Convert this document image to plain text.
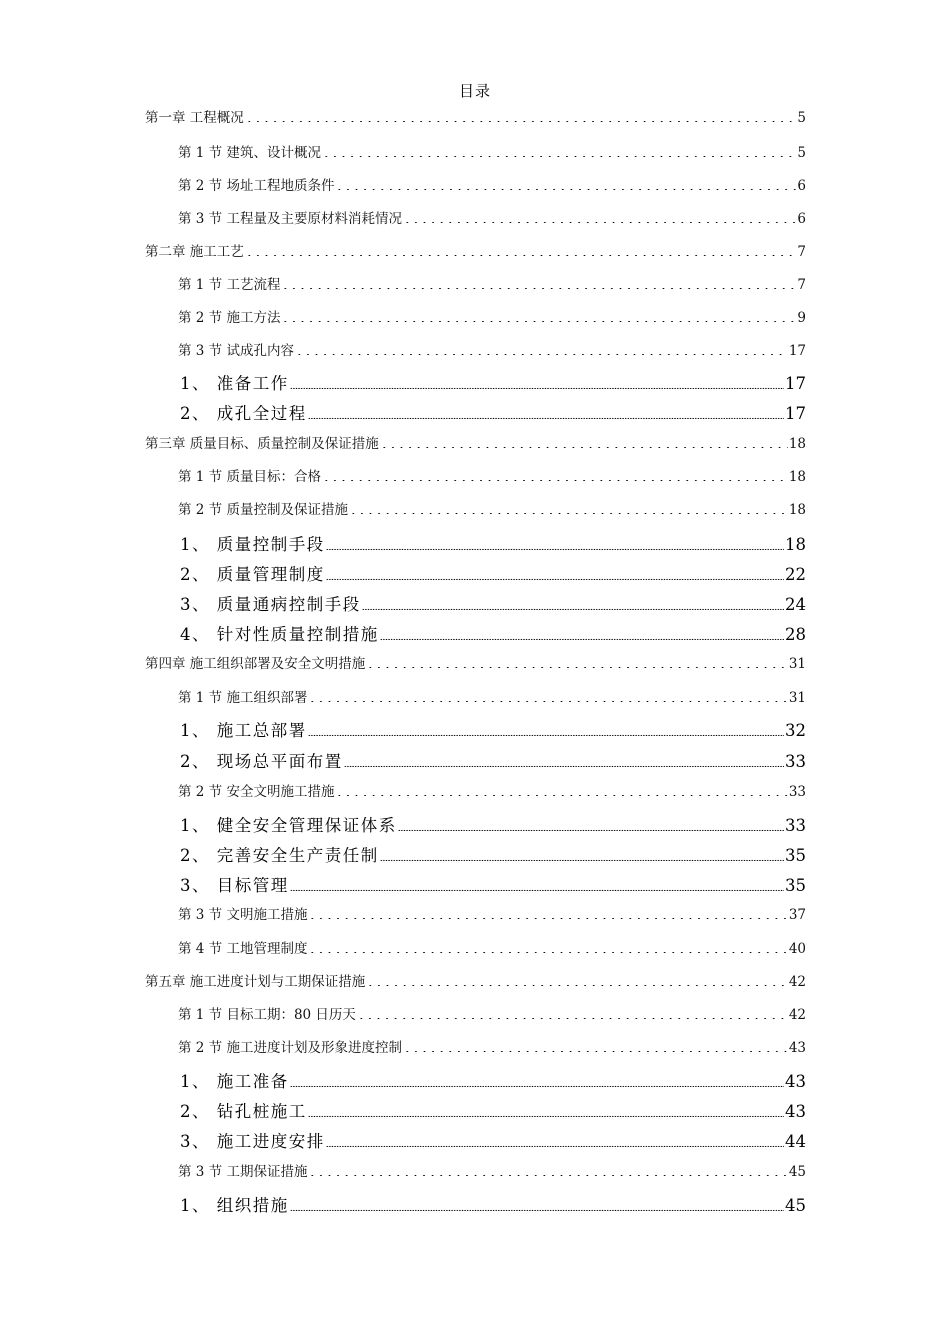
目录
第一章 工程概况	5
第 1 节 建筑、设计概况	5
第 2 节 场址工程地质条件	6
第 3 节 工程量及主要原材料消耗情况	6
第二章 施工工艺	7
第 1 节 工艺流程	7
第 2 节 施工方法	9
第 3 节 试成孔内容	17
1、 准备工作	17
2、 成孔全过程	17
第三章 质量目标、质量控制及保证措施	18
第 1 节 质量目标：合格	18
第 2 节 质量控制及保证措施	18
1、 质量控制手段	18
2、 质量管理制度	22
3、 质量通病控制手段	24
4、 针对性质量控制措施	28
第四章 施工组织部署及安全文明措施	31
第 1 节 施工组织部署	31
1、 施工总部署	32
2、 现场总平面布置	33
第 2 节 安全文明施工措施	33
1、 健全安全管理保证体系	33
2、 完善安全生产责任制	35
3、 目标管理	35
第 3 节 文明施工措施	37
第 4 节 工地管理制度	40
第五章 施工进度计划与工期保证措施	42
第 1 节 目标工期：80 日历天	42
第 2 节 施工进度计划及形象进度控制	43
1、 施工准备	43
2、 钻孔桩施工	43
3、 施工进度安排	44
第 3 节 工期保证措施	45
1、 组织措施	45
